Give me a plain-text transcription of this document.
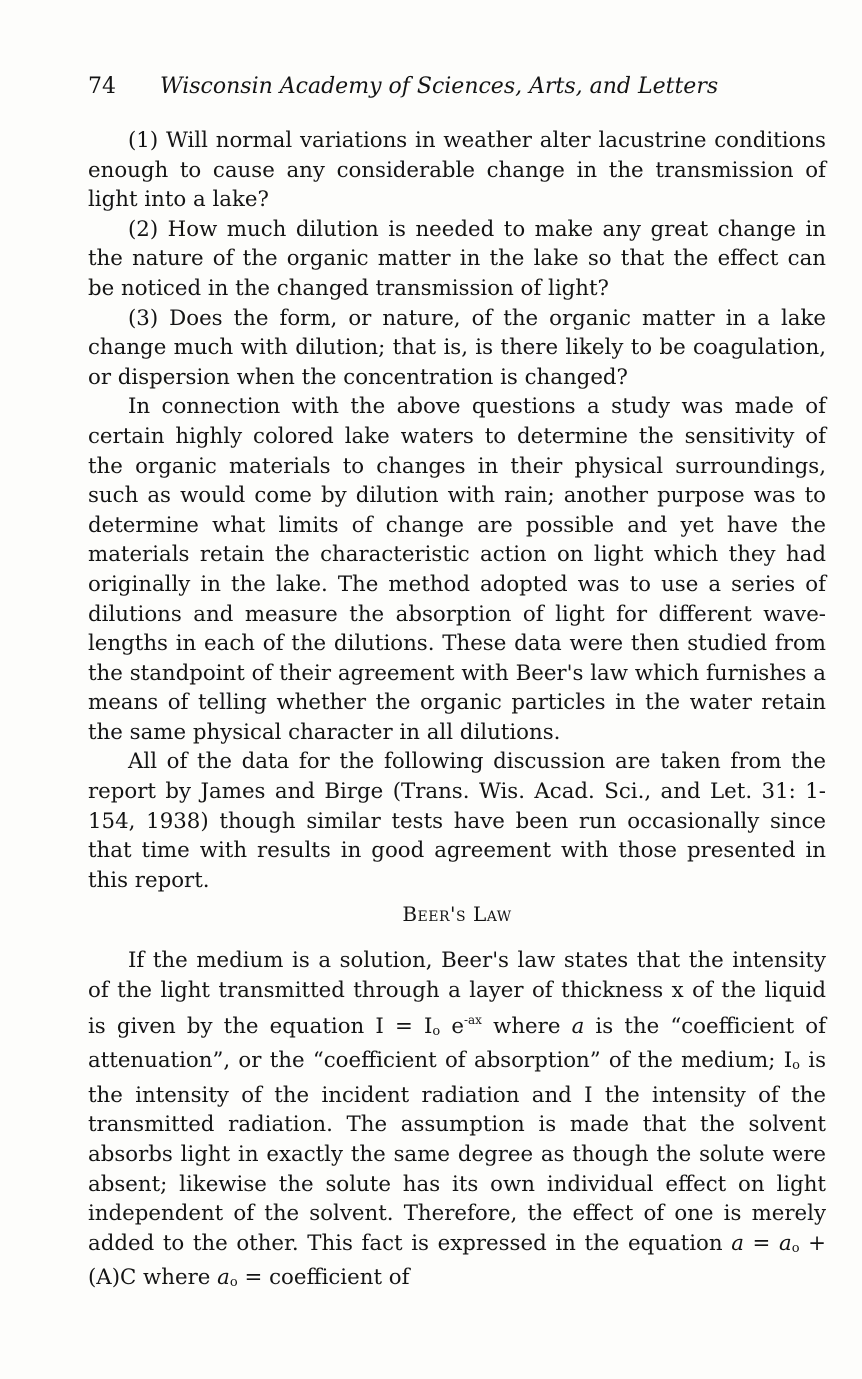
74 Wisconsin Academy of Sciences, Arts, and Letters

(1) Will normal variations in weather alter lacustrine conditions enough to cause any considerable change in the transmission of light into a lake?

(2) How much dilution is needed to make any great change in the nature of the organic matter in the lake so that the effect can be noticed in the changed transmission of light?

(3) Does the form, or nature, of the organic matter in a lake change much with dilution; that is, is there likely to be coagulation, or dispersion when the concentration is changed?

In connection with the above questions a study was made of certain highly colored lake waters to determine the sensitivity of the organic materials to changes in their physical surroundings, such as would come by dilution with rain; another purpose was to determine what limits of change are possible and yet have the materials retain the characteristic action on light which they had originally in the lake. The method adopted was to use a series of dilutions and measure the absorption of light for different wave-lengths in each of the dilutions. These data were then studied from the standpoint of their agreement with Beer's law which furnishes a means of telling whether the organic particles in the water retain the same physical character in all dilutions.

All of the data for the following discussion are taken from the report by James and Birge (Trans. Wis. Acad. Sci., and Let. 31: 1-154, 1938) though similar tests have been run occasionally since that time with results in good agreement with those presented in this report.

Beer's Law

If the medium is a solution, Beer's law states that the intensity of the light transmitted through a layer of thickness x of the liquid is given by the equation I = Io $e^{-ax}$ where a is the “coefficient of attenuation”, or the “coefficient of absorption” of the medium; Io is the intensity of the incident radiation and I the intensity of the transmitted radiation. The assumption is made that the solvent absorbs light in exactly the same degree as though the solute were absent; likewise the solute has its own individual effect on light independent of the solvent. Therefore, the effect of one is merely added to the other. This fact is expressed in the equation a = ao + (A)C where ao = coefficient of
